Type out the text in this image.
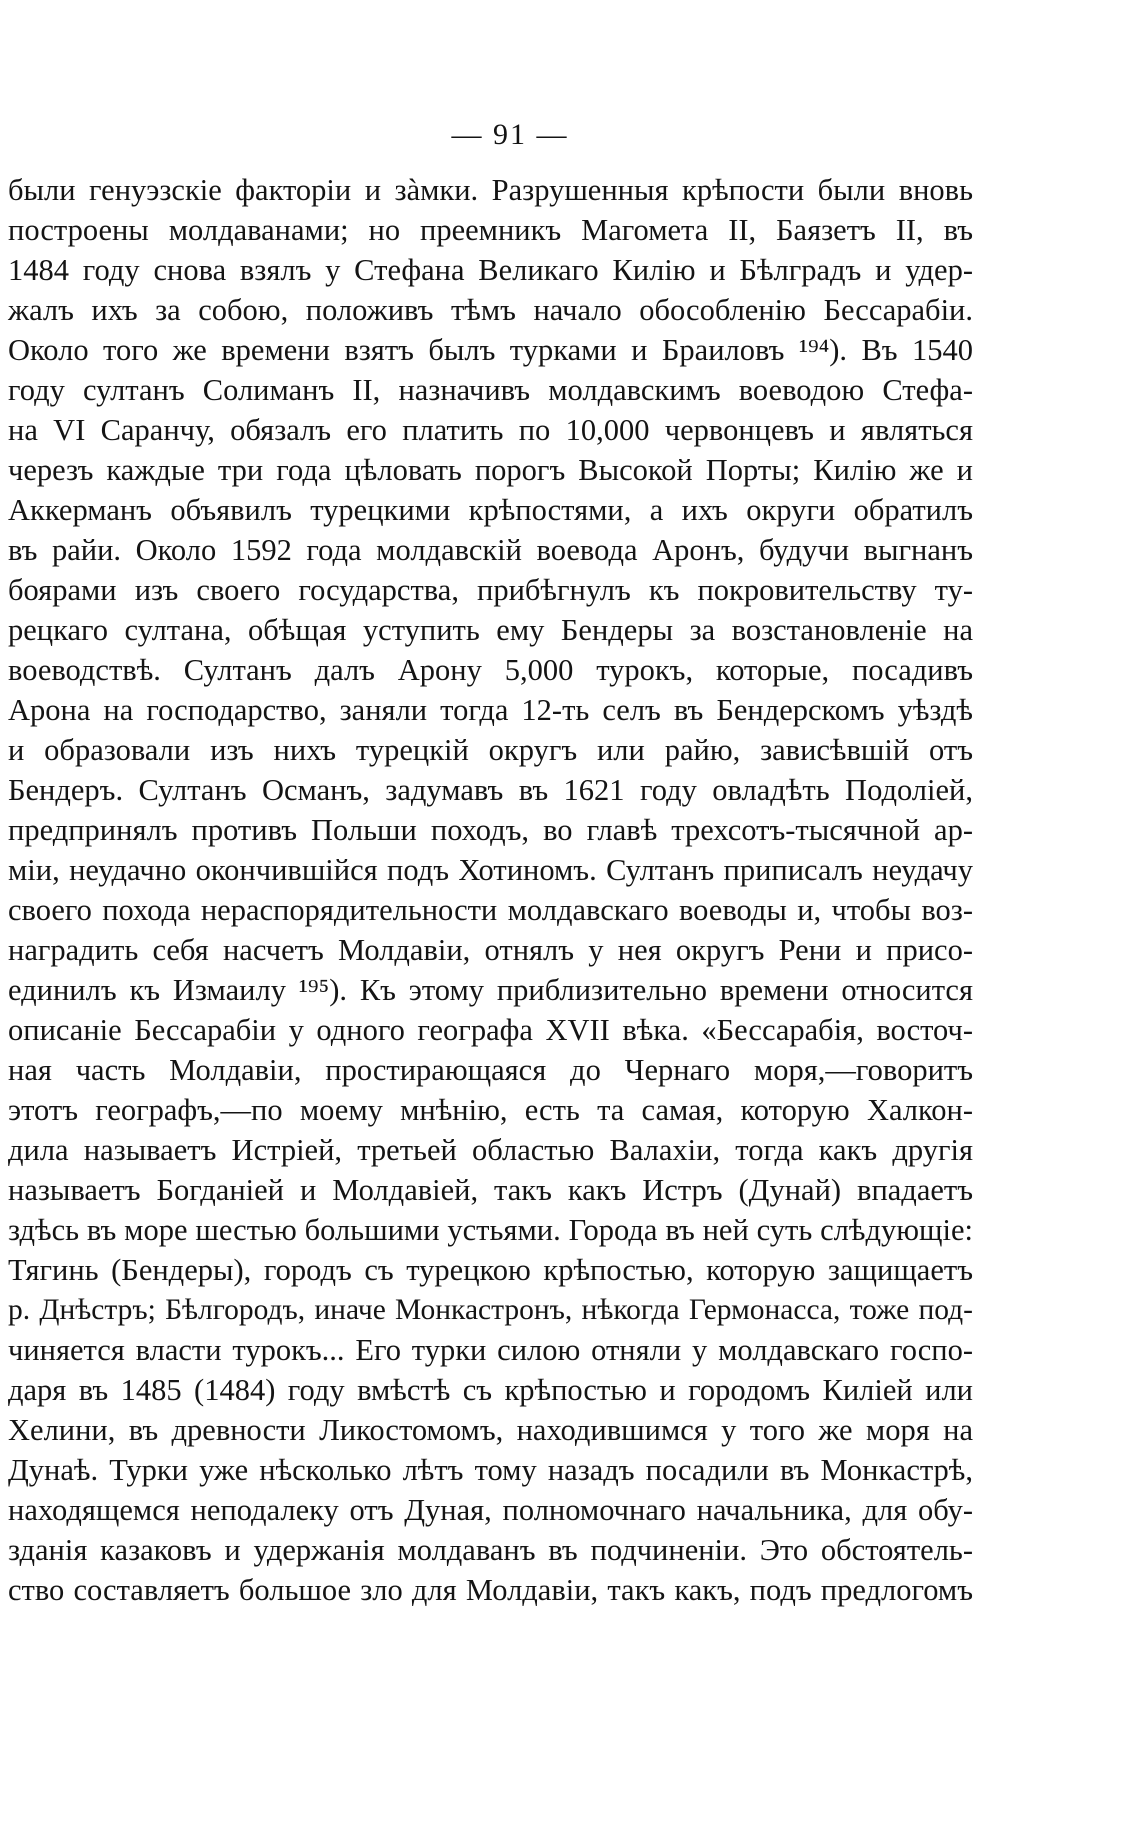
— 91 —
были генуэзскіе факторіи и зàмки. Разрушенныя крѣпости были вновь
построены молдаванами; но преемникъ Магомета II, Баязетъ II, въ
1484 году снова взялъ у Стефана Великаго Килію и Бѣлградъ и удер-
жалъ ихъ за собою, положивъ тѣмъ начало обособленію Бессарабіи.
Около того же времени взятъ былъ турками и Браиловъ ¹⁹⁴). Въ 1540
году султанъ Солиманъ II, назначивъ молдавскимъ воеводою Стефа-
на VI Саранчу, обязалъ его платить по 10,000 червонцевъ и являться
черезъ каждые три года цѣловать порогъ Высокой Порты; Килію же и
Аккерманъ объявилъ турецкими крѣпостями, а ихъ округи обратилъ
въ райи. Около 1592 года молдавскій воевода Аронъ, будучи выгнанъ
боярами изъ своего государства, прибѣгнулъ къ покровительству ту-
рецкаго султана, обѣщая уступить ему Бендеры за возстановленіе на
воеводствѣ. Султанъ далъ Арону 5,000 турокъ, которые, посадивъ
Арона на господарство, заняли тогда 12-ть селъ въ Бендерскомъ уѣздѣ
и образовали изъ нихъ турецкій округъ или райю, зависѣвшій отъ
Бендеръ. Султанъ Османъ, задумавъ въ 1621 году овладѣть Подоліей,
предпринялъ противъ Польши походъ, во главѣ трехсотъ-тысячной ар-
міи, неудачно окончившійся подъ Хотиномъ. Султанъ приписалъ неудачу
своего похода нераспорядительности молдавскаго воеводы и, чтобы воз-
наградить себя насчетъ Молдавіи, отнялъ у нея округъ Рени и присо-
единилъ къ Измаилу ¹⁹⁵). Къ этому приблизительно времени относится
описаніе Бессарабіи у одного географа XVII вѣка. «Бессарабія, восточ-
ная часть Молдавіи, простирающаяся до Чернаго моря,—говоритъ
этотъ географъ,—по моему мнѣнію, есть та самая, которую Халкон-
дила называетъ Истріей, третьей областью Валахіи, тогда какъ другія
называетъ Богданіей и Молдавіей, такъ какъ Истръ (Дунай) впадаетъ
здѣсь въ море шестью большими устьями. Города въ ней суть слѣдующіе:
Тягинь (Бендеры), городъ съ турецкою крѣпостью, которую защищаетъ
р. Днѣстръ; Бѣлгородъ, иначе Монкастронъ, нѣкогда Гермонасса, тоже под-
чиняется власти турокъ... Его турки силою отняли у молдавскаго госпо-
даря въ 1485 (1484) году вмѣстѣ съ крѣпостью и городомъ Киліей или
Хелини, въ древности Ликостомомъ, находившимся у того же моря на
Дунаѣ. Турки уже нѣсколько лѣтъ тому назадъ посадили въ Монкастрѣ,
находящемся неподалеку отъ Дуная, полномочнаго начальника, для обу-
зданія казаковъ и удержанія молдаванъ въ подчиненіи. Это обстоятель-
ство составляетъ большое зло для Молдавіи, такъ какъ, подъ предлогомъ
